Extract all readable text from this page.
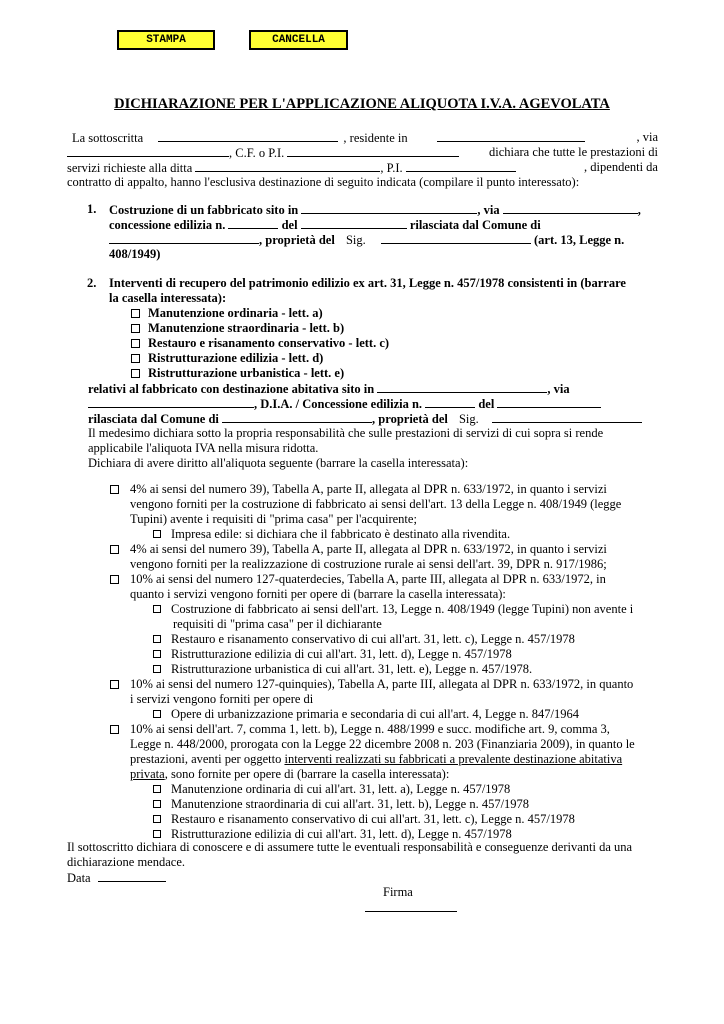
STAMPA	CANCELLA
DICHIARAZIONE PER L'APPLICAZIONE ALIQUOTA I.V.A. AGEVOLATA
La sottoscritta	, residente in	, via
, C.F. o P.I.	dichiara che tutte le prestazioni di
servizi richieste alla ditta	, P.I.	, dipendenti da
contratto di appalto, hanno l'esclusiva destinazione di seguito indicata (compilare il punto interessato):
1. Costruzione di un fabbricato sito in	, via	,
concessione edilizia n.	del	rilasciata dal Comune di
, proprietà del Sig.	(art. 13, Legge n.
408/1949)
2. Interventi di recupero del patrimonio edilizio ex art. 31, Legge n. 457/1978 consistenti in (barrare
la casella interessata):
Manutenzione ordinaria - lett. a)
Manutenzione straordinaria - lett. b)
Restauro e risanamento conservativo - lett. c)
Ristrutturazione edilizia - lett. d)
Ristrutturazione urbanistica - lett. e)
relativi al fabbricato con destinazione abitativa sito in	, via
, D.I.A. / Concessione edilizia n.	del
rilasciata dal Comune di	, proprietà del Sig.
Il medesimo dichiara sotto la propria responsabilità che sulle prestazioni di servizi di cui sopra si rende
applicabile l'aliquota IVA nella misura ridotta.
Dichiara di avere diritto all'aliquota seguente (barrare la casella interessata):
4% ai sensi del numero 39), Tabella A, parte II, allegata al DPR n. 633/1972, in quanto i servizi
vengono forniti per la costruzione di fabbricato ai sensi dell'art. 13 della Legge n. 408/1949 (legge
Tupini) avente i requisiti di "prima casa" per l'acquirente;
Impresa edile: si dichiara che il fabbricato è destinato alla rivendita.
4% ai sensi del numero 39), Tabella A, parte II, allegata al DPR n. 633/1972, in quanto i servizi
vengono forniti per la realizzazione di costruzione rurale ai sensi dell'art. 39, DPR n. 917/1986;
10% ai sensi del numero 127-quaterdecies, Tabella A, parte III, allegata al DPR n. 633/1972, in
quanto i servizi vengono forniti per opere di (barrare la casella interessata):
Costruzione di fabbricato ai sensi dell'art. 13, Legge n. 408/1949 (legge Tupini) non avente i
requisiti di "prima casa" per il dichiarante
Restauro e risanamento conservativo di cui all'art. 31, lett. c), Legge n. 457/1978
Ristrutturazione edilizia di cui all'art. 31, lett. d), Legge n. 457/1978
Ristrutturazione urbanistica di cui all'art. 31, lett. e), Legge n. 457/1978.
10% ai sensi del numero 127-quinquies), Tabella A, parte III, allegata al DPR n. 633/1972, in quanto
i servizi vengono forniti per opere di
Opere di urbanizzazione primaria e secondaria di cui all'art. 4, Legge n. 847/1964
10% ai sensi dell'art. 7, comma 1, lett. b), Legge n. 488/1999 e succ. modifiche art. 9, comma 3,
Legge n. 448/2000, prorogata con la Legge 22 dicembre 2008 n. 203 (Finanziaria 2009), in quanto le
prestazioni, aventi per oggetto interventi realizzati su fabbricati a prevalente destinazione abitativa
privata, sono fornite per opere di (barrare la casella interessata):
Manutenzione ordinaria di cui all'art. 31, lett. a), Legge n. 457/1978
Manutenzione straordinaria di cui all'art. 31, lett. b), Legge n. 457/1978
Restauro e risanamento conservativo di cui all'art. 31, lett. c), Legge n. 457/1978
Ristrutturazione edilizia di cui all'art. 31, lett. d), Legge n. 457/1978
Il sottoscritto dichiara di conoscere e di assumere tutte le eventuali responsabilità e conseguenze derivanti da una
dichiarazione mendace.
Data
Firma
